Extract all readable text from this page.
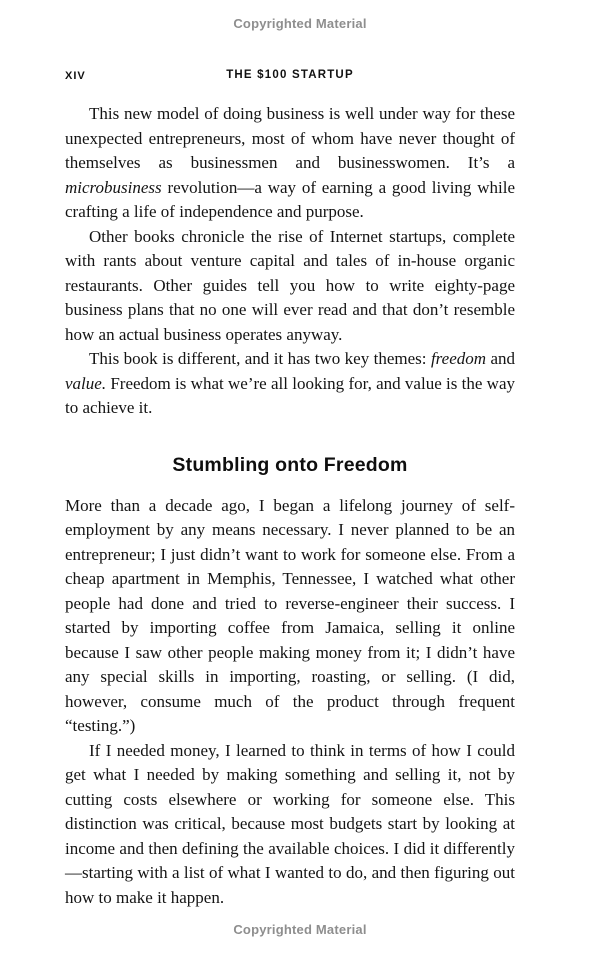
Copyrighted Material
XIV	THE $100 STARTUP

This new model of doing business is well under way for these unexpected entrepreneurs, most of whom have never thought of themselves as businessmen and businesswomen. It’s a microbusiness revolution—a way of earning a good living while crafting a life of independence and purpose.

Other books chronicle the rise of Internet startups, complete with rants about venture capital and tales of in-house organic restaurants. Other guides tell you how to write eighty-page business plans that no one will ever read and that don’t resemble how an actual business operates anyway.

This book is different, and it has two key themes: freedom and value. Freedom is what we’re all looking for, and value is the way to achieve it.

Stumbling onto Freedom

More than a decade ago, I began a lifelong journey of self-employment by any means necessary. I never planned to be an entrepreneur; I just didn’t want to work for someone else. From a cheap apartment in Memphis, Tennessee, I watched what other people had done and tried to reverse-engineer their success. I started by importing coffee from Jamaica, selling it online because I saw other people making money from it; I didn’t have any special skills in importing, roasting, or selling. (I did, however, consume much of the product through frequent “testing.”)

If I needed money, I learned to think in terms of how I could get what I needed by making something and selling it, not by cutting costs elsewhere or working for someone else. This distinction was critical, because most budgets start by looking at income and then defining the available choices. I did it differently—starting with a list of what I wanted to do, and then figuring out how to make it happen.

Copyrighted Material
